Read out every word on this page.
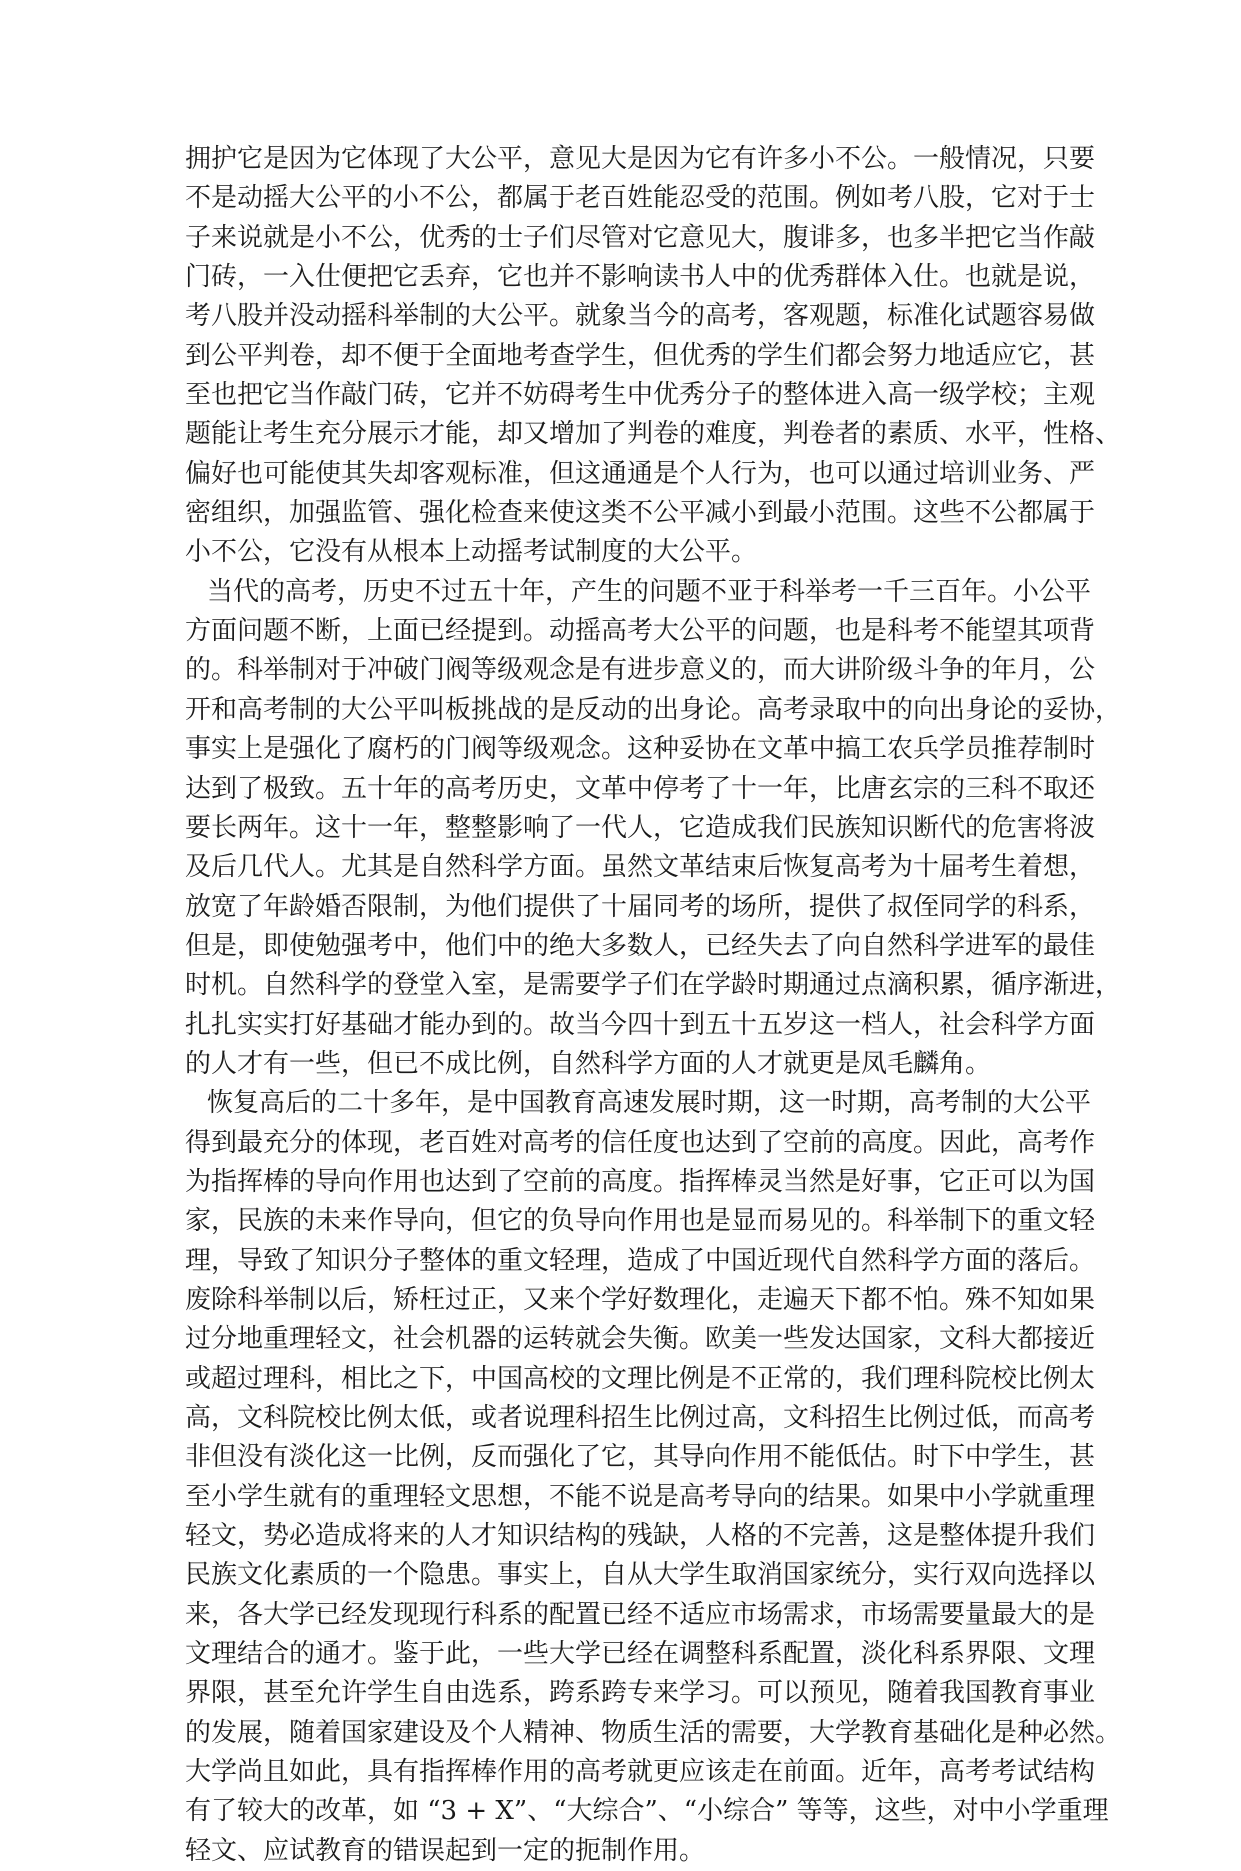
拥护它是因为它体现了大公平，意见大是因为它有许多小不公。一般情况，只要
不是动摇大公平的小不公，都属于老百姓能忍受的范围。例如考八股，它对于士
子来说就是小不公，优秀的士子们尽管对它意见大，腹诽多，也多半把它当作敲
门砖，一入仕便把它丢弃，它也并不影响读书人中的优秀群体入仕。也就是说，
考八股并没动摇科举制的大公平。就象当今的高考，客观题，标准化试题容易做
到公平判卷，却不便于全面地考查学生，但优秀的学生们都会努力地适应它，甚
至也把它当作敲门砖，它并不妨碍考生中优秀分子的整体进入高一级学校；主观
题能让考生充分展示才能，却又增加了判卷的难度，判卷者的素质、水平，性格、
偏好也可能使其失却客观标准，但这通通是个人行为，也可以通过培训业务、严
密组织，加强监管、强化检查来使这类不公平减小到最小范围。这些不公都属于
小不公，它没有从根本上动摇考试制度的大公平。
当代的高考，历史不过五十年，产生的问题不亚于科举考一千三百年。小公平
方面问题不断，上面已经提到。动摇高考大公平的问题，也是科考不能望其项背
的。科举制对于冲破门阀等级观念是有进步意义的，而大讲阶级斗争的年月，公
开和高考制的大公平叫板挑战的是反动的出身论。高考录取中的向出身论的妥协，
事实上是强化了腐朽的门阀等级观念。这种妥协在文革中搞工农兵学员推荐制时
达到了极致。五十年的高考历史，文革中停考了十一年，比唐玄宗的三科不取还
要长两年。这十一年，整整影响了一代人，它造成我们民族知识断代的危害将波
及后几代人。尤其是自然科学方面。虽然文革结束后恢复高考为十届考生着想，
放宽了年龄婚否限制，为他们提供了十届同考的场所，提供了叔侄同学的科系，
但是，即使勉强考中，他们中的绝大多数人，已经失去了向自然科学进军的最佳
时机。自然科学的登堂入室，是需要学子们在学龄时期通过点滴积累，循序渐进，
扎扎实实打好基础才能办到的。故当今四十到五十五岁这一档人，社会科学方面
的人才有一些，但已不成比例，自然科学方面的人才就更是凤毛麟角。
恢复高后的二十多年，是中国教育高速发展时期，这一时期，高考制的大公平
得到最充分的体现，老百姓对高考的信任度也达到了空前的高度。因此，高考作
为指挥棒的导向作用也达到了空前的高度。指挥棒灵当然是好事，它正可以为国
家，民族的未来作导向，但它的负导向作用也是显而易见的。科举制下的重文轻
理，导致了知识分子整体的重文轻理，造成了中国近现代自然科学方面的落后。
废除科举制以后，矫枉过正，又来个学好数理化，走遍天下都不怕。殊不知如果
过分地重理轻文，社会机器的运转就会失衡。欧美一些发达国家，文科大都接近
或超过理科，相比之下，中国高校的文理比例是不正常的，我们理科院校比例太
高，文科院校比例太低，或者说理科招生比例过高，文科招生比例过低，而高考
非但没有淡化这一比例，反而强化了它，其导向作用不能低估。时下中学生，甚
至小学生就有的重理轻文思想，不能不说是高考导向的结果。如果中小学就重理
轻文，势必造成将来的人才知识结构的残缺，人格的不完善，这是整体提升我们
民族文化素质的一个隐患。事实上，自从大学生取消国家统分，实行双向选择以
来，各大学已经发现现行科系的配置已经不适应市场需求，市场需要量最大的是
文理结合的通才。鉴于此，一些大学已经在调整科系配置，淡化科系界限、文理
界限，甚至允许学生自由选系，跨系跨专来学习。可以预见，随着我国教育事业
的发展，随着国家建设及个人精神、物质生活的需要，大学教育基础化是种必然。
大学尚且如此，具有指挥棒作用的高考就更应该走在前面。近年，高考考试结构
有了较大的改革，如 “3 + X”、“大综合”、“小综合” 等等，这些，对中小学重理
轻文、应试教育的错误起到一定的扼制作用。
